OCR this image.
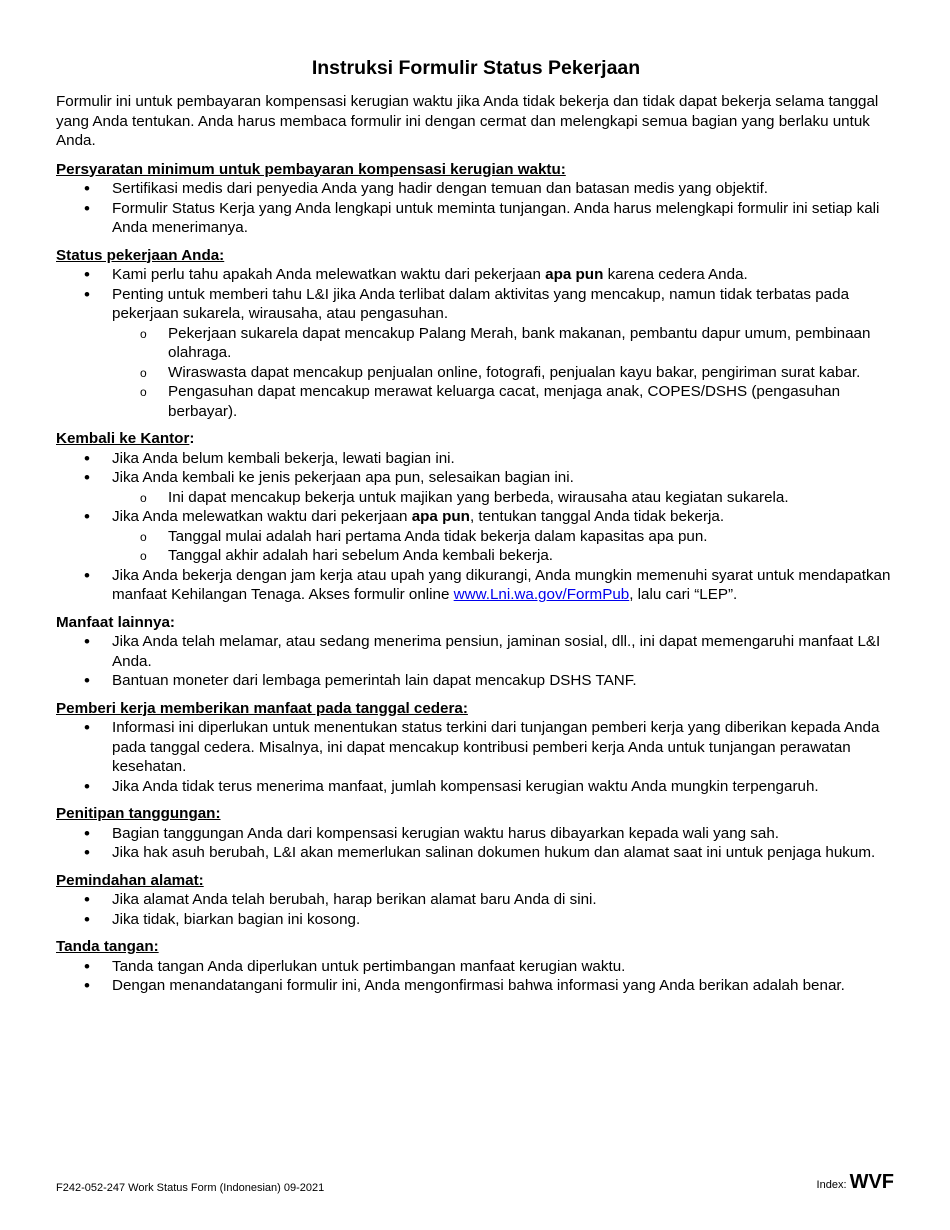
Instruksi Formulir Status Pekerjaan

Formulir ini untuk pembayaran kompensasi kerugian waktu jika Anda tidak bekerja dan tidak dapat bekerja selama tanggal yang Anda tentukan. Anda harus membaca formulir ini dengan cermat dan melengkapi semua bagian yang berlaku untuk Anda.

Persyaratan minimum untuk pembayaran kompensasi kerugian waktu:
• Sertifikasi medis dari penyedia Anda yang hadir dengan temuan dan batasan medis yang objektif.
• Formulir Status Kerja yang Anda lengkapi untuk meminta tunjangan. Anda harus melengkapi formulir ini setiap kali Anda menerimanya.
Status pekerjaan Anda:
• Kami perlu tahu apakah Anda melewatkan waktu dari pekerjaan apa pun karena cedera Anda.
• Penting untuk memberi tahu L&I jika Anda terlibat dalam aktivitas yang mencakup, namun tidak terbatas pada pekerjaan sukarela, wirausaha, atau pengasuhan.
o Pekerjaan sukarela dapat mencakup Palang Merah, bank makanan, pembantu dapur umum, pembinaan olahraga.
o Wiraswasta dapat mencakup penjualan online, fotografi, penjualan kayu bakar, pengiriman surat kabar.
o Pengasuhan dapat mencakup merawat keluarga cacat, menjaga anak, COPES/DSHS (pengasuhan berbayar).
Kembali ke Kantor:
• Jika Anda belum kembali bekerja, lewati bagian ini.
• Jika Anda kembali ke jenis pekerjaan apa pun, selesaikan bagian ini.
o Ini dapat mencakup bekerja untuk majikan yang berbeda, wirausaha atau kegiatan sukarela.
• Jika Anda melewatkan waktu dari pekerjaan apa pun, tentukan tanggal Anda tidak bekerja.
o Tanggal mulai adalah hari pertama Anda tidak bekerja dalam kapasitas apa pun.
o Tanggal akhir adalah hari sebelum Anda kembali bekerja.
• Jika Anda bekerja dengan jam kerja atau upah yang dikurangi, Anda mungkin memenuhi syarat untuk mendapatkan manfaat Kehilangan Tenaga. Akses formulir online www.Lni.wa.gov/FormPub, lalu cari “LEP”.
Manfaat lainnya:
• Jika Anda telah melamar, atau sedang menerima pensiun, jaminan sosial, dll., ini dapat memengaruhi manfaat L&I Anda.
• Bantuan moneter dari lembaga pemerintah lain dapat mencakup DSHS TANF.
Pemberi kerja memberikan manfaat pada tanggal cedera:
• Informasi ini diperlukan untuk menentukan status terkini dari tunjangan pemberi kerja yang diberikan kepada Anda pada tanggal cedera. Misalnya, ini dapat mencakup kontribusi pemberi kerja Anda untuk tunjangan perawatan kesehatan.
• Jika Anda tidak terus menerima manfaat, jumlah kompensasi kerugian waktu Anda mungkin terpengaruh.
Penitipan tanggungan:
• Bagian tanggungan Anda dari kompensasi kerugian waktu harus dibayarkan kepada wali yang sah.
• Jika hak asuh berubah, L&I akan memerlukan salinan dokumen hukum dan alamat saat ini untuk penjaga hukum.
Pemindahan alamat:
• Jika alamat Anda telah berubah, harap berikan alamat baru Anda di sini.
• Jika tidak, biarkan bagian ini kosong.
Tanda tangan:
• Tanda tangan Anda diperlukan untuk pertimbangan manfaat kerugian waktu.
• Dengan menandatangani formulir ini, Anda mengonfirmasi bahwa informasi yang Anda berikan adalah benar.
F242-052-247 Work Status Form (Indonesian) 09-2021	Index: WVF
